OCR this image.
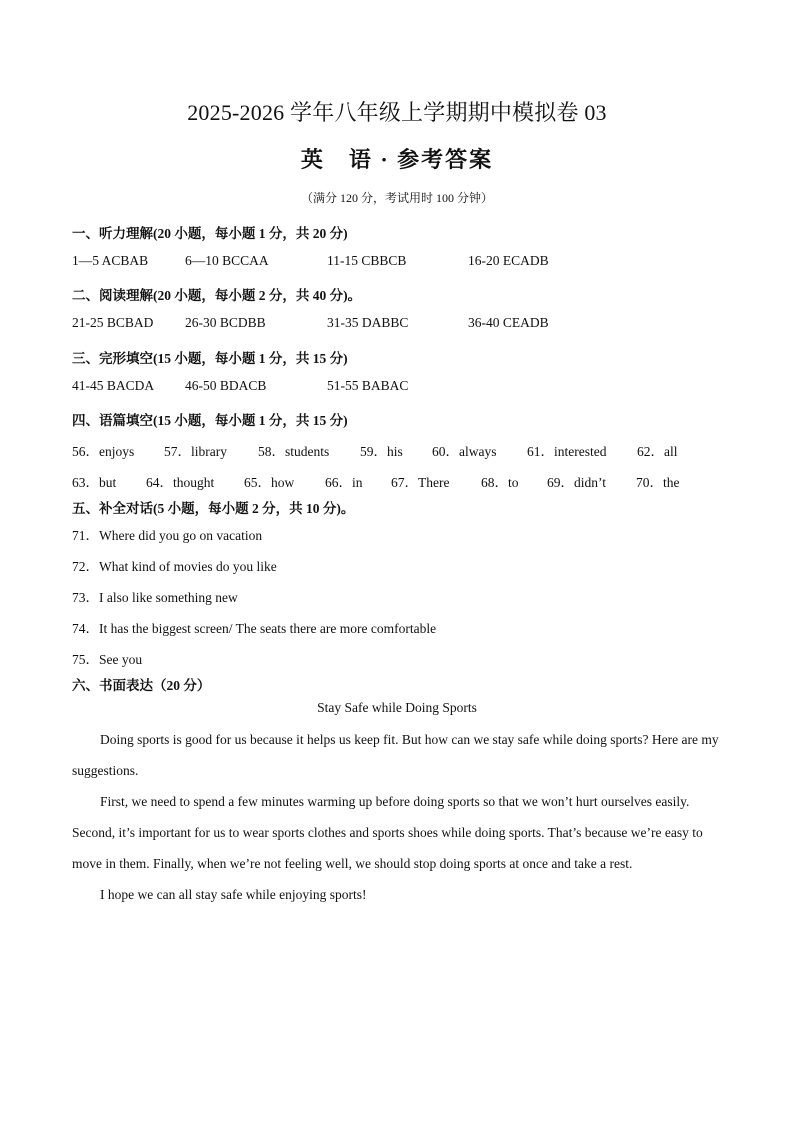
2025-2026 学年八年级上学期期中模拟卷 03
英　语 · 参考答案
（满分 120 分，考试用时 100 分钟）
一、听力理解(20 小题，每小题 1 分，共 20 分)
1—5 ACBAB	6—10 BCCAA	11-15 CBBCB	16-20 ECADB
二、阅读理解(20 小题，每小题 2 分，共 40 分)。
21-25 BCBAD 26-30 BCDBB	31-35 DABBC	36-40 CEADB
三、完形填空(15 小题，每小题 1 分，共 15 分)
41-45 BACDA 46-50 BDACB	51-55 BABAC
四、语篇填空(15 小题，每小题 1 分，共 15 分)
56．enjoys 57．library 58．students 59．his 60．always 61．interested 62．all
63．but 64．thought 65．how 66．in 67．There 68．to 69．didn’t 70．the
五、补全对话(5 小题，每小题 2 分，共 10 分)。
71．Where did you go on vacation
72．What kind of movies do you like
73．I also like something new
74．It has the biggest screen/ The seats there are more comfortable
75．See you
六、书面表达（20 分）
Stay Safe while Doing Sports
Doing sports is good for us because it helps us keep fit. But how can we stay safe while doing sports? Here are my suggestions.
First, we need to spend a few minutes warming up before doing sports so that we won’t hurt ourselves easily. Second, it’s important for us to wear sports clothes and sports shoes while doing sports. That’s because we’re easy to move in them. Finally, when we’re not feeling well, we should stop doing sports at once and take a rest.
I hope we can all stay safe while enjoying sports!
